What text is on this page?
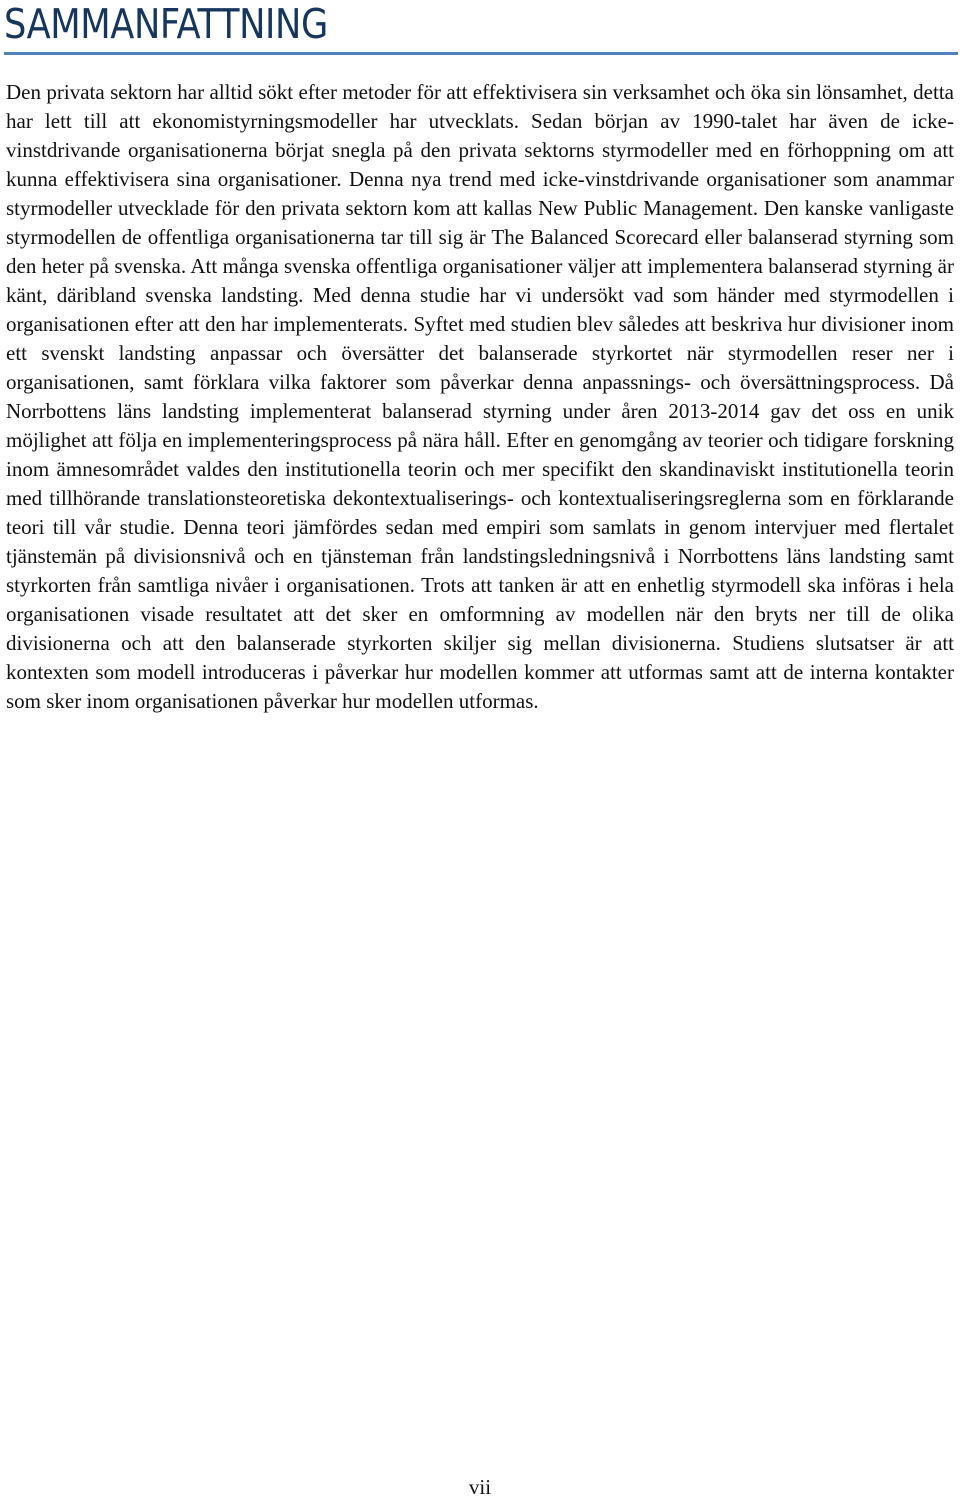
SAMMANFATTNING

Den privata sektorn har alltid sökt efter metoder för att effektivisera sin verksamhet och öka sin lönsamhet, detta har lett till att ekonomistyrningsmodeller har utvecklats. Sedan början av 1990-talet har även de icke-vinstdrivande organisationerna börjat snegla på den privata sektorns styrmodeller med en förhoppning om att kunna effektivisera sina organisationer. Denna nya trend med icke-vinstdrivande organisationer som anammar styrmodeller utvecklade för den privata sektorn kom att kallas New Public Management. Den kanske vanligaste styrmodellen de offentliga organisationerna tar till sig är The Balanced Scorecard eller balanserad styrning som den heter på svenska. Att många svenska offentliga organisationer väljer att implementera balanserad styrning är känt, däribland svenska landsting. Med denna studie har vi undersökt vad som händer med styrmodellen i organisationen efter att den har implementerats. Syftet med studien blev således att beskriva hur divisioner inom ett svenskt landsting anpassar och översätter det balanserade styrkortet när styrmodellen reser ner i organisationen, samt förklara vilka faktorer som påverkar denna anpassnings- och översättningsprocess. Då Norrbottens läns landsting implementerat balanserad styrning under åren 2013-2014 gav det oss en unik möjlighet att följa en implementeringsprocess på nära håll. Efter en genomgång av teorier och tidigare forskning inom ämnesområdet valdes den institutionella teorin och mer specifikt den skandinaviskt institutionella teorin med tillhörande translationsteoretiska dekontextualiserings- och kontextualiseringsreglerna som en förklarande teori till vår studie. Denna teori jämfördes sedan med empiri som samlats in genom intervjuer med flertalet tjänstemän på divisionsnivå och en tjänsteman från landstingsledningsnivå i Norrbottens läns landsting samt styrkorten från samtliga nivåer i organisationen. Trots att tanken är att en enhetlig styrmodell ska införas i hela organisationen visade resultatet att det sker en omformning av modellen när den bryts ner till de olika divisionerna och att den balanserade styrkorten skiljer sig mellan divisionerna. Studiens slutsatser är att kontexten som modell introduceras i påverkar hur modellen kommer att utformas samt att de interna kontakter som sker inom organisationen påverkar hur modellen utformas.

vii
